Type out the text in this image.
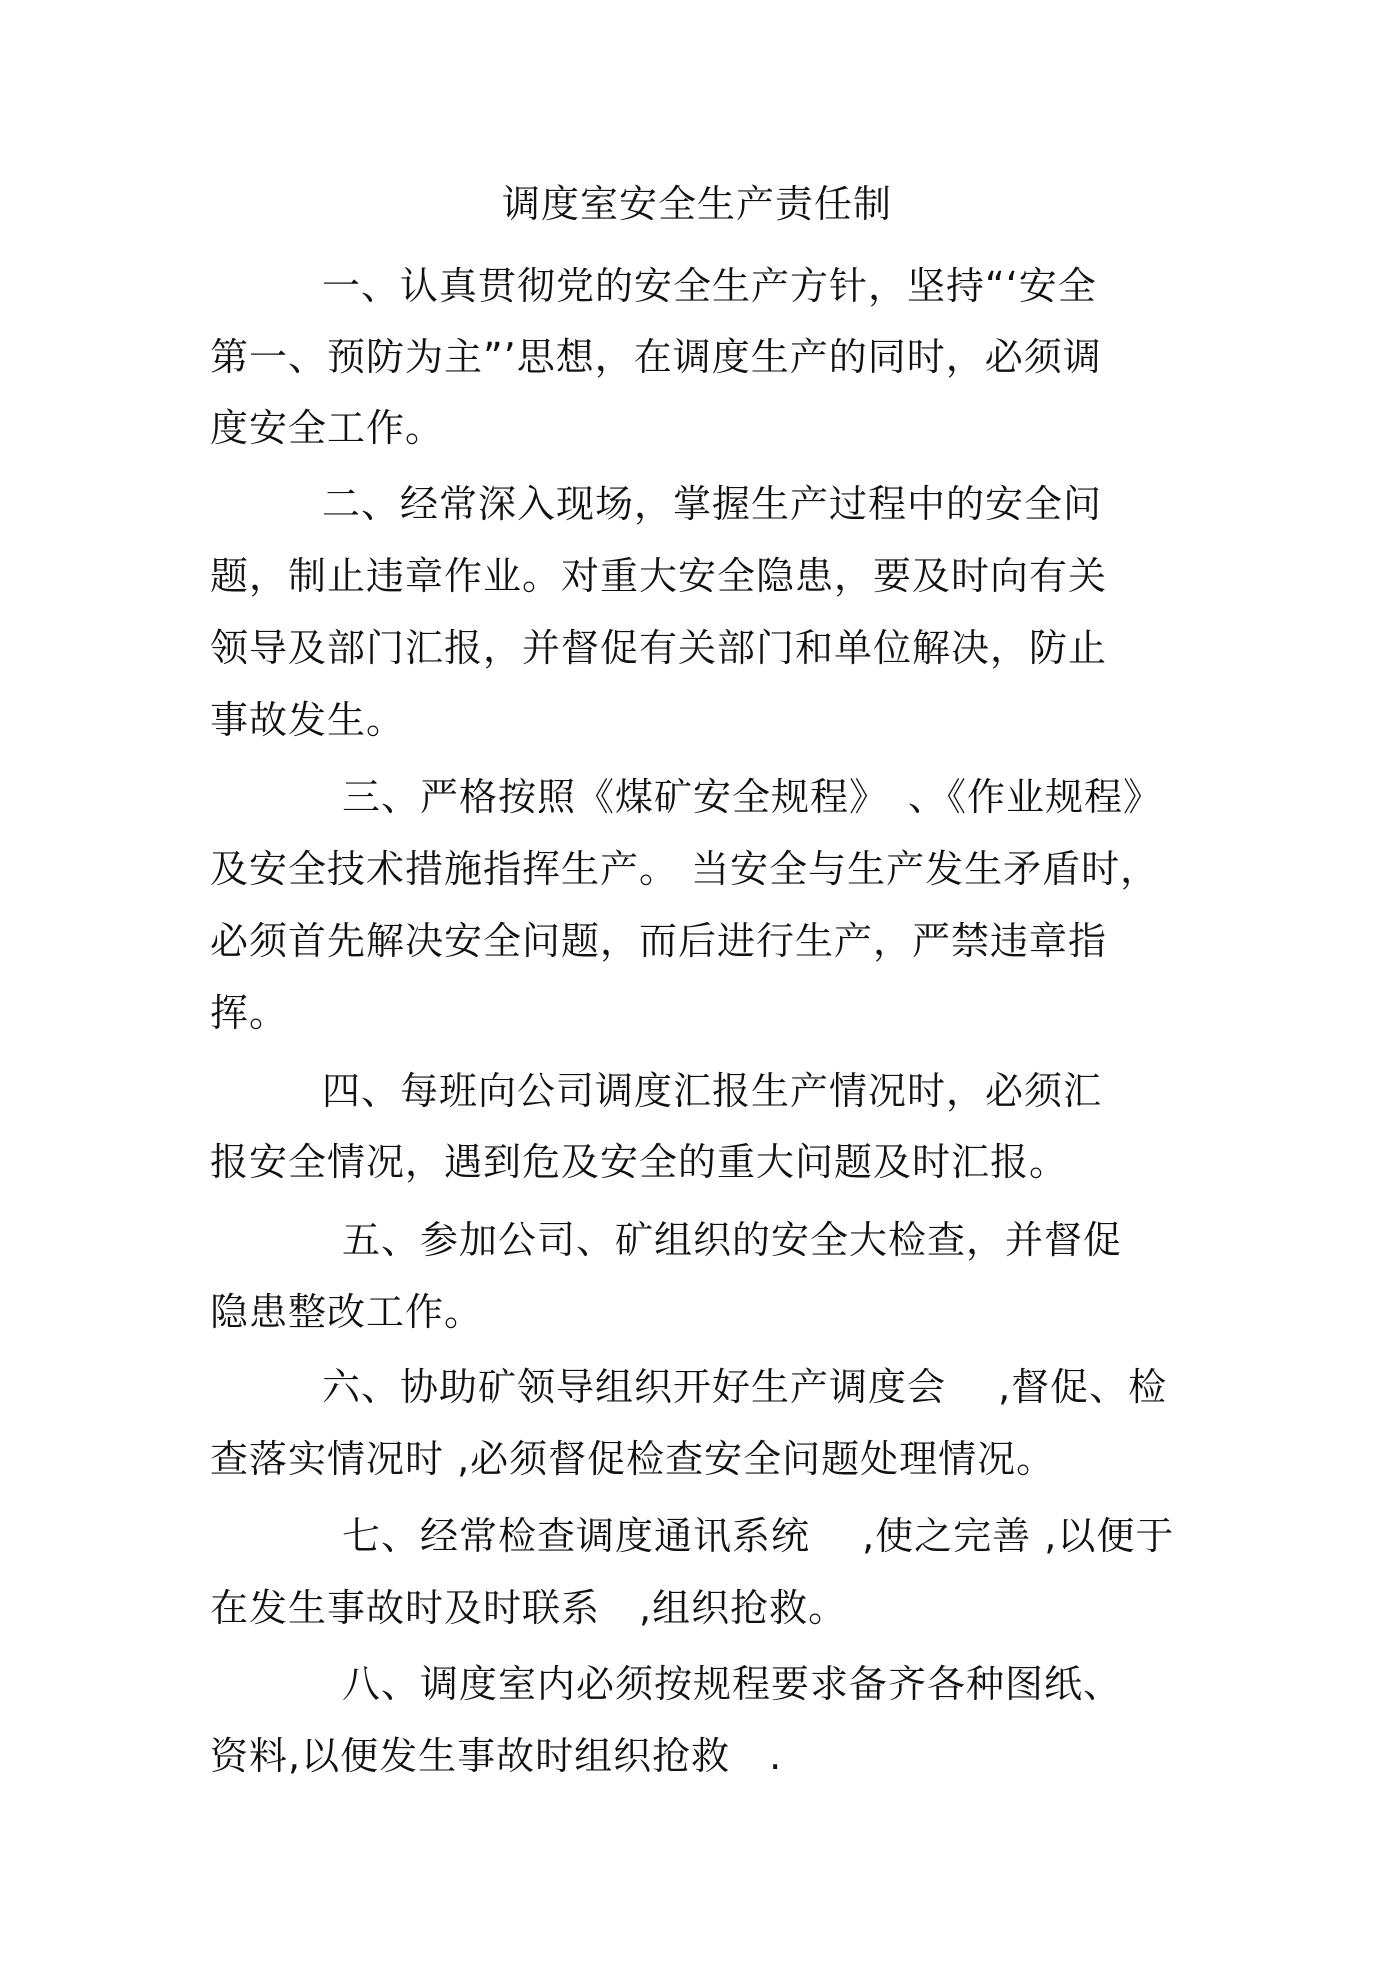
调度室安全生产责任制
一、认真贯彻党的安全生产方针，坚持“‘安全
第一、预防为主”’思想，在调度生产的同时，必须调
度安全工作。
二、经常深入现场，掌握生产过程中的安全问
题，制止违章作业。对重大安全隐患，要及时向有关
领导及部门汇报，并督促有关部门和单位解决，防止
事故发生。
三、严格按照《煤矿安全规程》　、《作业规程》
及安全技术措施指挥生产。 当安全与生产发生矛盾时，
必须首先解决安全问题，而后进行生产，严禁违章指
挥。
四、每班向公司调度汇报生产情况时，必须汇
报安全情况，遇到危及安全的重大问题及时汇报。
五、参加公司、矿组织的安全大检查，并督促
隐患整改工作。
六、协助矿领导组织开好生产调度会　 ,督促、检
查落实情况时 ,必须督促检查安全问题处理情况。
七、经常检查调度通讯系统　 ,使之完善 ,以便于
在发生事故时及时联系　,组织抢救。
八、调度室内必须按规程要求备齐各种图纸、
资料,以便发生事故时组织抢救　.
